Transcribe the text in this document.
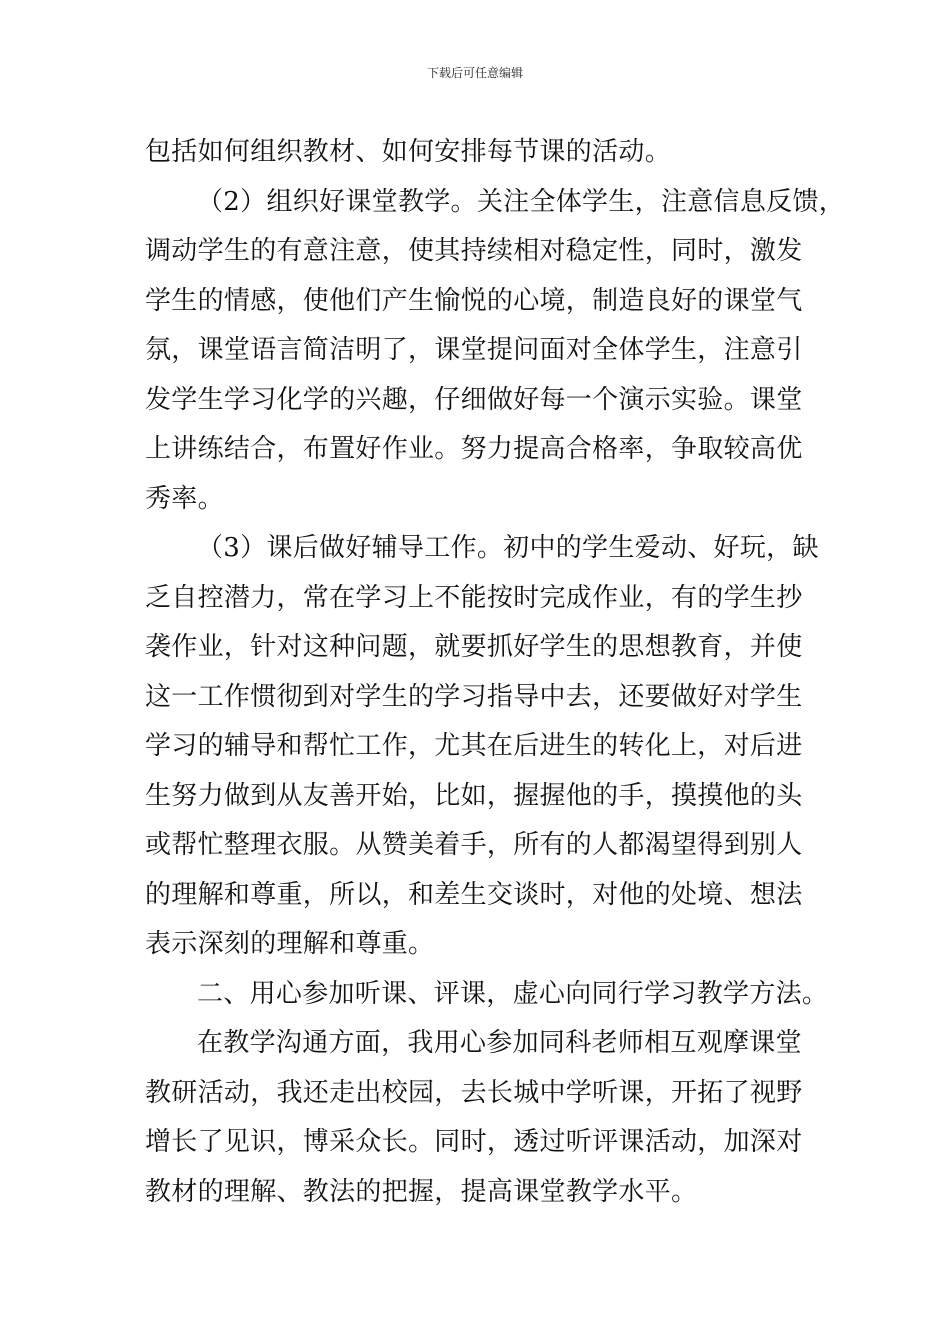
下载后可任意编辑
包括如何组织教材、如何安排每节课的活动。
（2）组织好课堂教学。关注全体学生，注意信息反馈，
调动学生的有意注意，使其持续相对稳定性，同时，激发
学生的情感，使他们产生愉悦的心境，制造良好的课堂气
氛，课堂语言简洁明了，课堂提问面对全体学生，注意引
发学生学习化学的兴趣，仔细做好每一个演示实验。课堂
上讲练结合，布置好作业。努力提高合格率，争取较高优
秀率。
（3）课后做好辅导工作。初中的学生爱动、好玩，缺
乏自控潜力，常在学习上不能按时完成作业，有的学生抄
袭作业，针对这种问题，就要抓好学生的思想教育，并使
这一工作惯彻到对学生的学习指导中去，还要做好对学生
学习的辅导和帮忙工作，尤其在后进生的转化上，对后进
生努力做到从友善开始，比如，握握他的手，摸摸他的头
或帮忙整理衣服。从赞美着手，所有的人都渴望得到别人
的理解和尊重，所以，和差生交谈时，对他的处境、想法
表示深刻的理解和尊重。
二、用心参加听课、评课，虚心向同行学习教学方法。
在教学沟通方面，我用心参加同科老师相互观摩课堂
教研活动，我还走出校园，去长城中学听课，开拓了视野
增长了见识，博采众长。同时，透过听评课活动，加深对
教材的理解、教法的把握，提高课堂教学水平。
